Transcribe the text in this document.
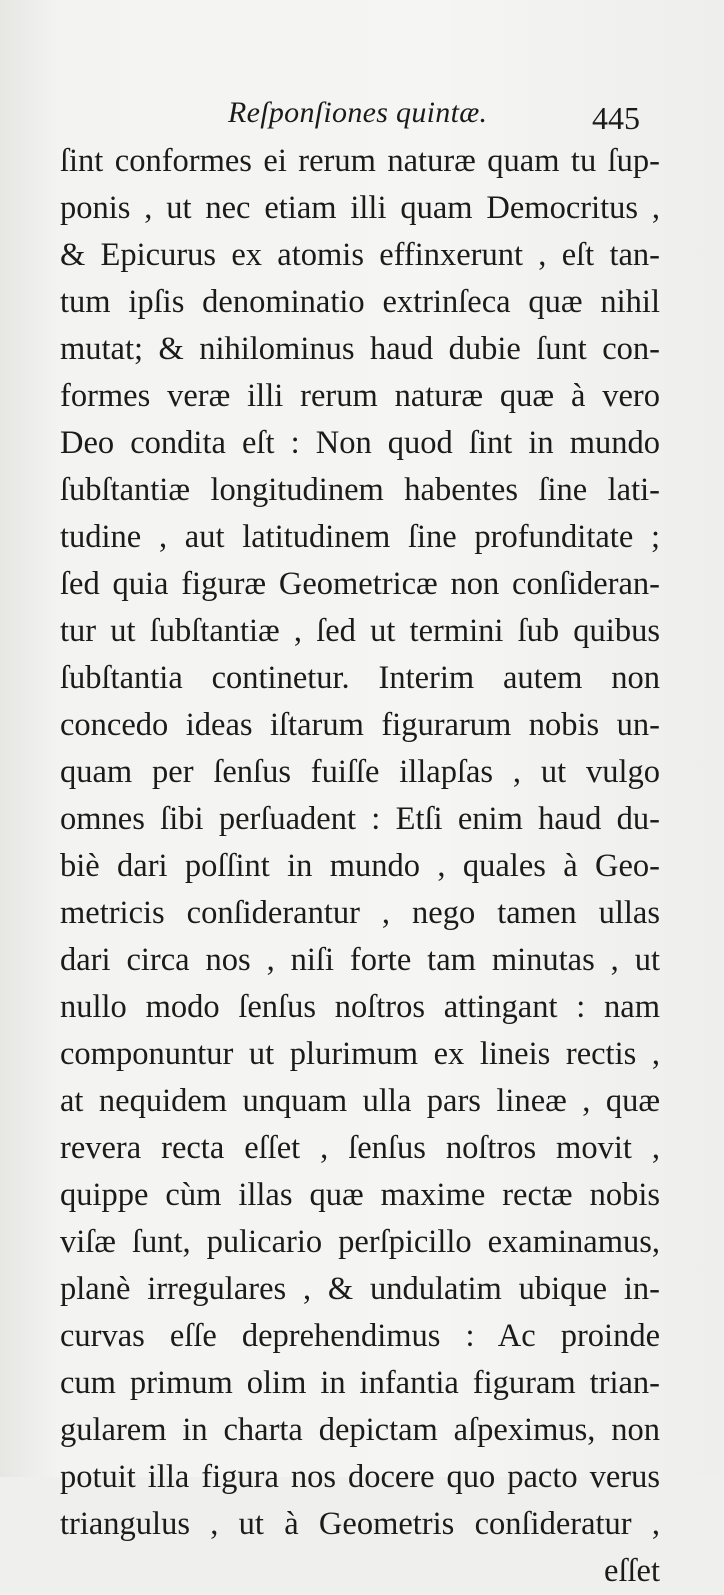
Reſponſiones quintæ.	445
ſint conformes ei rerum naturæ quam tu ſup-
ponis , ut nec etiam illi quam Democritus ,
& Epicurus ex atomis effinxerunt , eſt tan-
tum ipſis denominatio extrinſeca quæ nihil
mutat; & nihilominus haud dubie ſunt con-
formes veræ illi rerum naturæ quæ à vero
Deo condita eſt : Non quod ſint in mundo
ſubſtantiæ longitudinem habentes ſine lati-
tudine , aut latitudinem ſine profunditate ;
ſed quia figuræ Geometricæ non conſideran-
tur ut ſubſtantiæ , ſed ut termini ſub quibus
ſubſtantia continetur. Interim autem non
concedo ideas iſtarum figurarum nobis un-
quam per ſenſus fuiſſe illapſas , ut vulgo
omnes ſibi perſuadent : Etſi enim haud du-
biè dari poſſint in mundo , quales à Geo-
metricis conſiderantur , nego tamen ullas
dari circa nos , niſi forte tam minutas , ut
nullo modo ſenſus noſtros attingant : nam
componuntur ut plurimum ex lineis rectis ,
at nequidem unquam ulla pars lineæ , quæ
revera recta eſſet , ſenſus noſtros movit ,
quippe cùm illas quæ maxime rectæ nobis
viſæ ſunt, pulicario perſpicillo examinamus,
planè irregulares , & undulatim ubique in-
curvas eſſe deprehendimus : Ac proinde
cum primum olim in infantia figuram trian-
gularem in charta depictam aſpeximus, non
potuit illa figura nos docere quo pacto verus
triangulus , ut à Geometris conſideratur ,
eſſet
